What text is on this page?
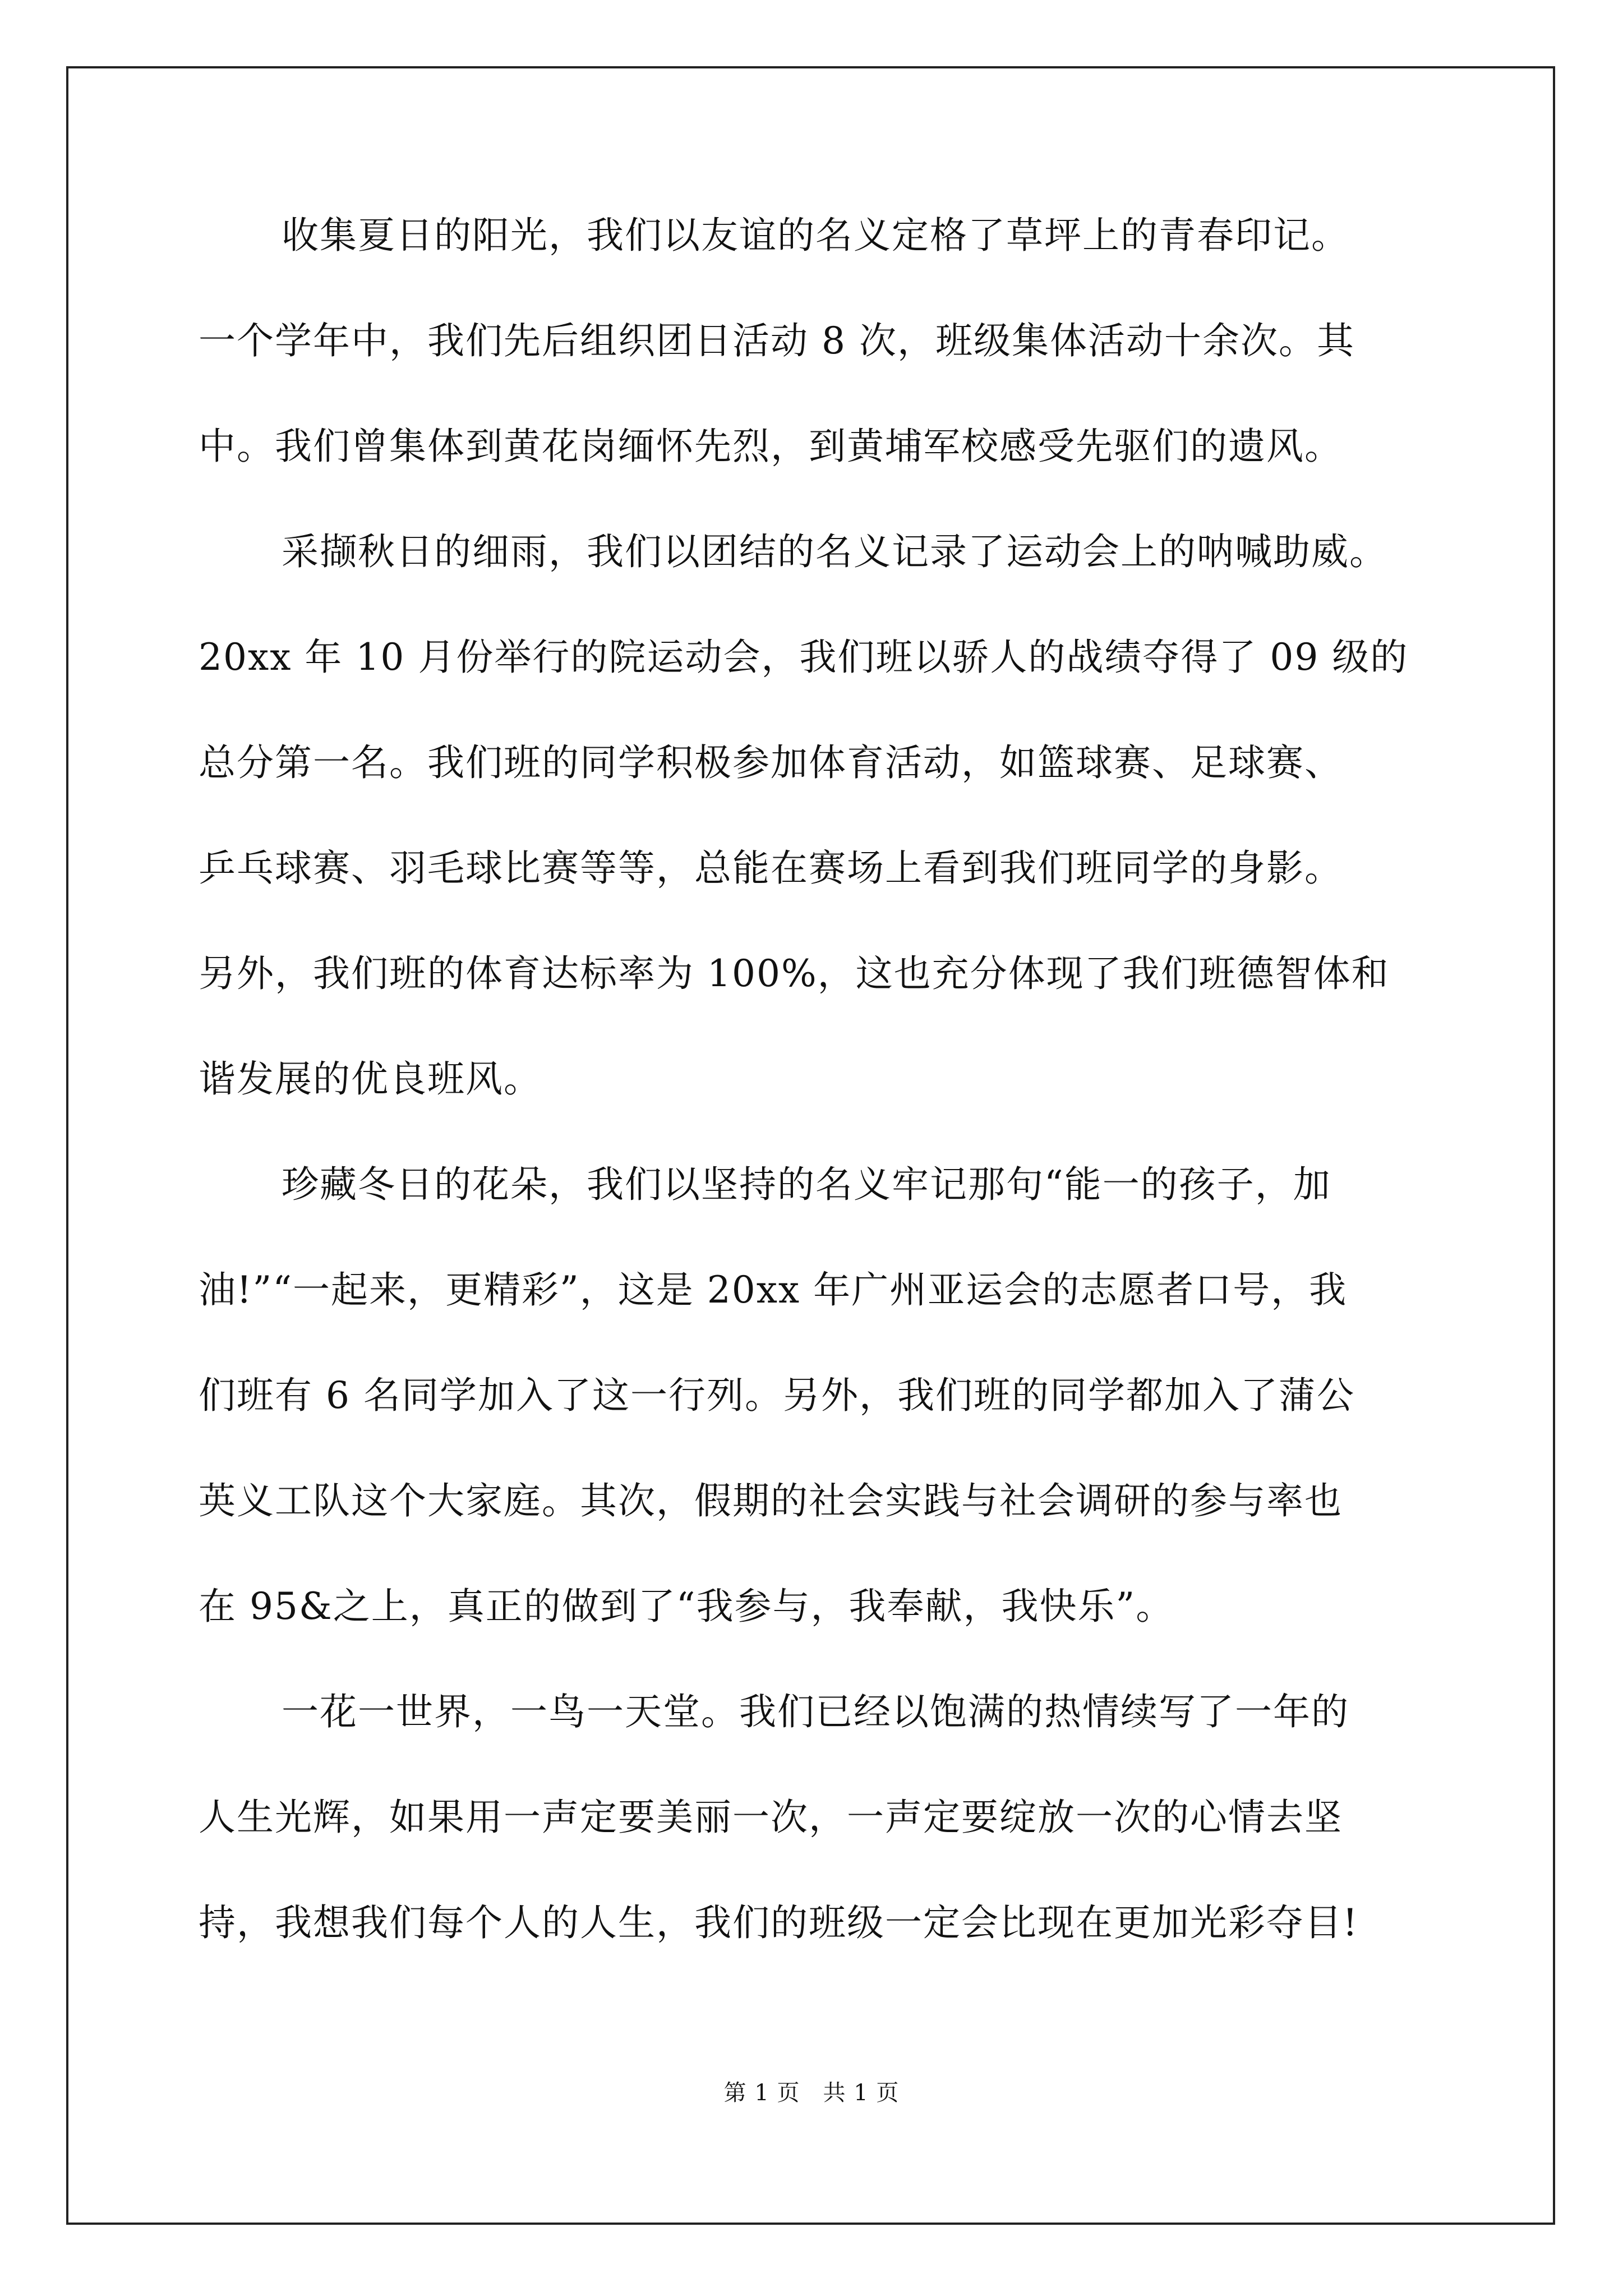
收集夏日的阳光，我们以友谊的名义定格了草坪上的青春印记。
一个学年中，我们先后组织团日活动 8 次，班级集体活动十余次。其
中。我们曾集体到黄花岗缅怀先烈，到黄埔军校感受先驱们的遗风。
采撷秋日的细雨，我们以团结的名义记录了运动会上的呐喊助威。
20xx 年 10 月份举行的院运动会，我们班以骄人的战绩夺得了 09 级的
总分第一名。我们班的同学积极参加体育活动，如篮球赛、足球赛、
乒乓球赛、羽毛球比赛等等，总能在赛场上看到我们班同学的身影。
另外，我们班的体育达标率为 100%，这也充分体现了我们班德智体和
谐发展的优良班风。
珍藏冬日的花朵，我们以坚持的名义牢记那句“能一的孩子，加
油!”“一起来，更精彩”，这是 20xx 年广州亚运会的志愿者口号，我
们班有 6 名同学加入了这一行列。另外，我们班的同学都加入了蒲公
英义工队这个大家庭。其次，假期的社会实践与社会调研的参与率也
在 95&之上，真正的做到了“我参与，我奉献，我快乐”。
一花一世界，一鸟一天堂。我们已经以饱满的热情续写了一年的
人生光辉，如果用一声定要美丽一次，一声定要绽放一次的心情去坚
持，我想我们每个人的人生，我们的班级一定会比现在更加光彩夺目!
第 1 页　共 1 页
